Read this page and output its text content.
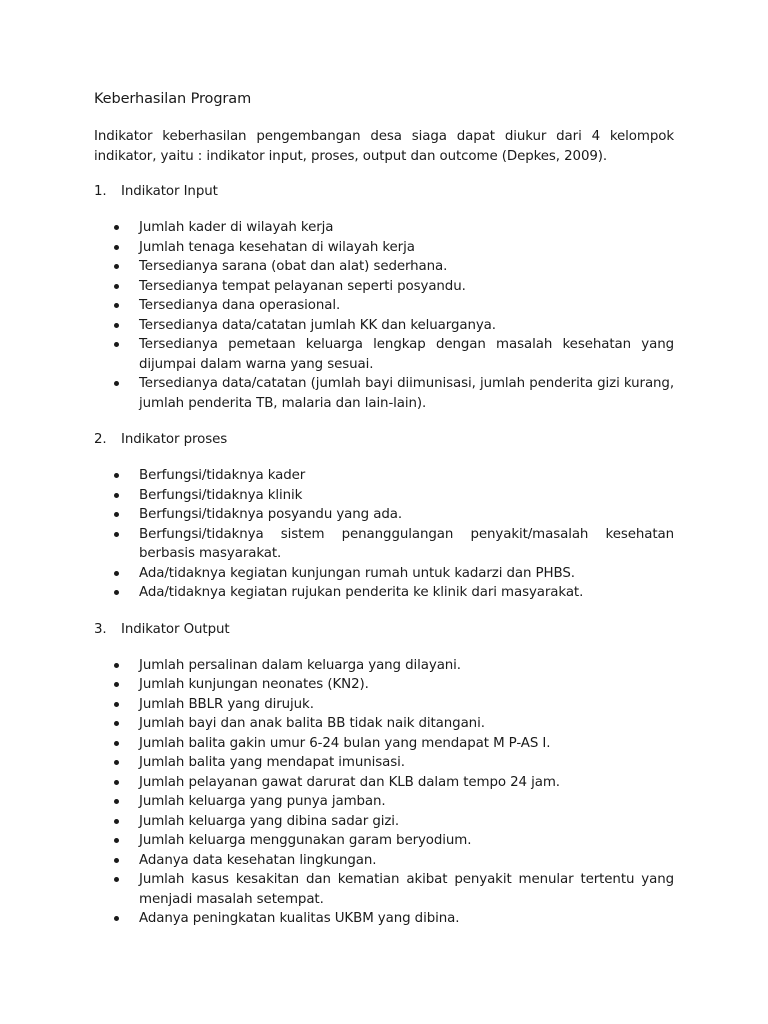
Keberhasilan Program

Indikator keberhasilan pengembangan desa siaga dapat diukur dari 4 kelompok indikator, yaitu : indikator input, proses, output dan outcome (Depkes, 2009).

1.	Indikator Input
Jumlah kader di wilayah kerja
Jumlah tenaga kesehatan di wilayah kerja
Tersedianya sarana (obat dan alat) sederhana.
Tersedianya tempat pelayanan seperti posyandu.
Tersedianya dana operasional.
Tersedianya data/catatan jumlah KK dan keluarganya.
Tersedianya pemetaan keluarga lengkap dengan masalah kesehatan yang dijumpai dalam warna yang sesuai.
Tersedianya data/catatan (jumlah bayi diimunisasi, jumlah penderita gizi kurang, jumlah penderita TB, malaria dan lain-lain).
2.	Indikator proses
Berfungsi/tidaknya kader
Berfungsi/tidaknya klinik
Berfungsi/tidaknya posyandu yang ada.
Berfungsi/tidaknya sistem penanggulangan penyakit/masalah kesehatan berbasis masyarakat.
Ada/tidaknya kegiatan kunjungan rumah untuk kadarzi dan PHBS.
Ada/tidaknya kegiatan rujukan penderita ke klinik dari masyarakat.
3.	Indikator Output
Jumlah persalinan dalam keluarga yang dilayani.
Jumlah kunjungan neonates (KN2).
Jumlah BBLR yang dirujuk.
Jumlah bayi dan anak balita BB tidak naik ditangani.
Jumlah balita gakin umur 6-24 bulan yang mendapat M P-AS I.
Jumlah balita yang mendapat imunisasi.
Jumlah pelayanan gawat darurat dan KLB dalam tempo 24 jam.
Jumlah keluarga yang punya jamban.
Jumlah keluarga yang dibina sadar gizi.
Jumlah keluarga menggunakan garam beryodium.
Adanya data kesehatan lingkungan.
Jumlah kasus kesakitan dan kematian akibat penyakit menular tertentu yang menjadi masalah setempat.
Adanya peningkatan kualitas UKBM yang dibina.
